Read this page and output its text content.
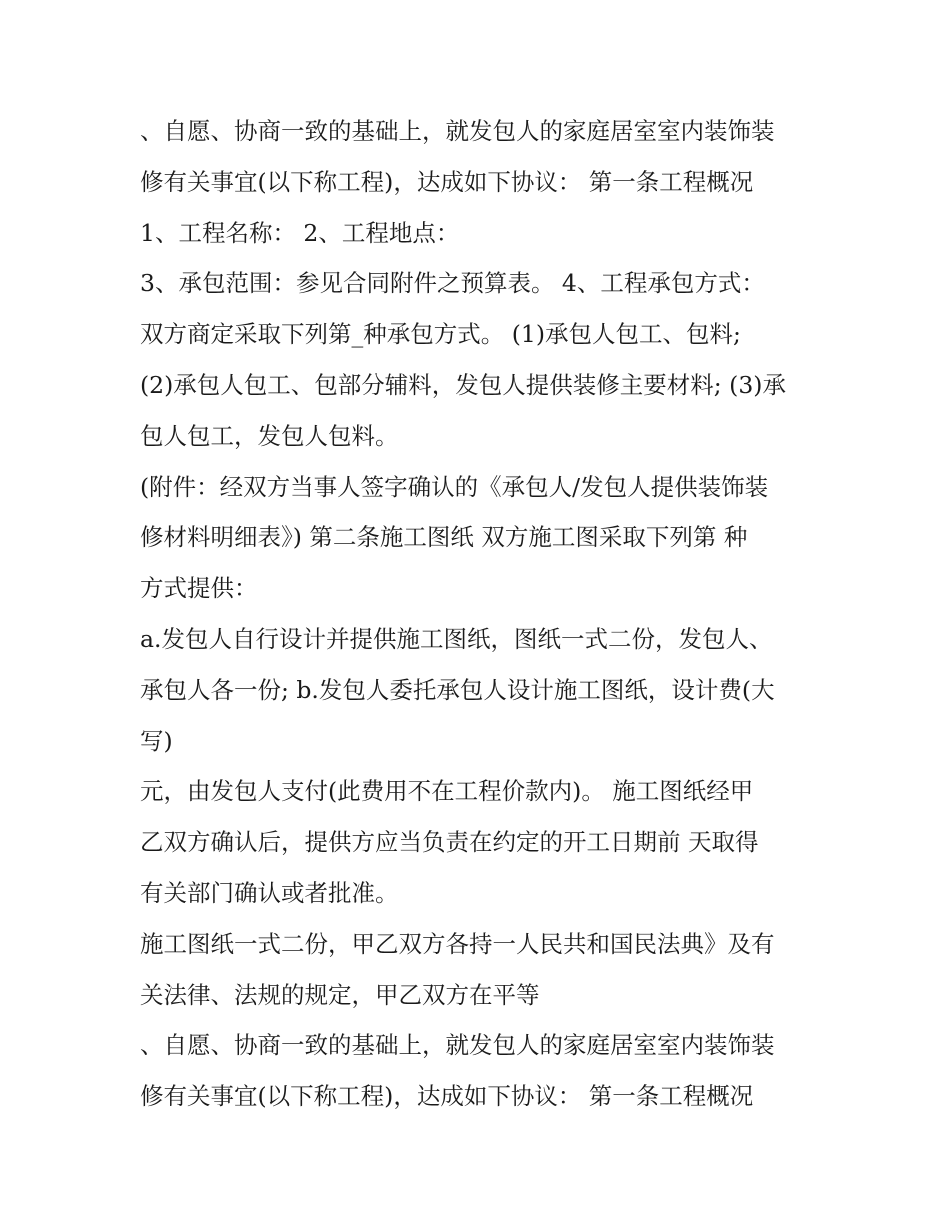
、自愿、协商一致的基础上，就发包人的家庭居室室内装饰装
修有关事宜(以下称工程)，达成如下协议： 第一条工程概况
1、工程名称： 2、工程地点：
3、承包范围：参见合同附件之预算表。 4、工程承包方式：
双方商定采取下列第_种承包方式。 (1)承包人包工、包料;
(2)承包人包工、包部分辅料，发包人提供装修主要材料; (3)承
包人包工，发包人包料。
(附件：经双方当事人签字确认的《承包人/发包人提供装饰装
修材料明细表》) 第二条施工图纸 双方施工图采取下列第 种
方式提供：
a.发包人自行设计并提供施工图纸，图纸一式二份，发包人、
承包人各一份; b.发包人委托承包人设计施工图纸，设计费(大
写)
元，由发包人支付(此费用不在工程价款内)。 施工图纸经甲
乙双方确认后，提供方应当负责在约定的开工日期前 天取得
有关部门确认或者批准。
施工图纸一式二份，甲乙双方各持一人民共和国民法典》及有
关法律、法规的规定，甲乙双方在平等
、自愿、协商一致的基础上，就发包人的家庭居室室内装饰装
修有关事宜(以下称工程)，达成如下协议： 第一条工程概况
